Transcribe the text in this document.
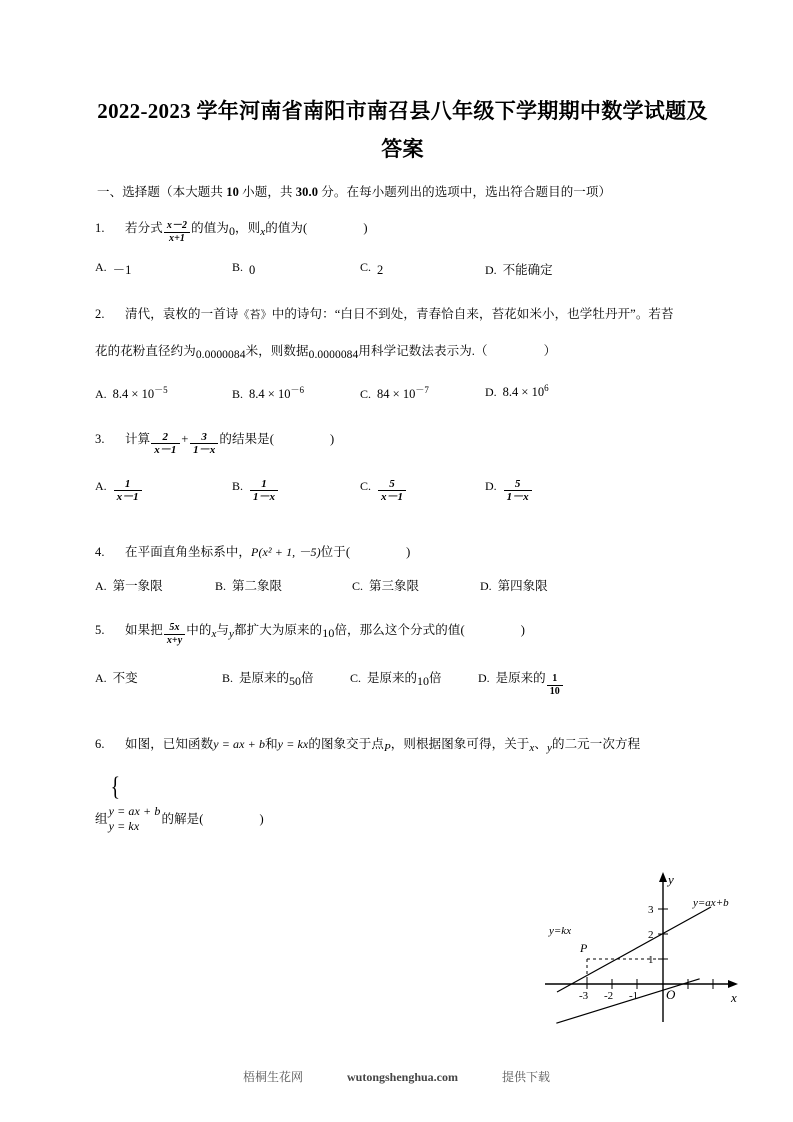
2022-2023 学年河南省南阳市南召县八年级下学期期中数学试题及答案
一、选择题（本大题共 10 小题，共 30.0 分。在每小题列出的选项中，选出符合题目的一项）
1. 若分式 $\frac{x-2}{x+1}$ 的值为0，则x的值为(	)
A. －1	B. 0	C. 2	D. 不能确定
2. 清代，袁枚的一首诗《苔》中的诗句：“白日不到处，青春恰自来，苔花如米小，也学牡丹开”。若苔
花的花粉直径约为0.0000084米，则数据0.0000084用科学记数法表示为.（	）
A. $8.4 \times 10^{-5}$	B. $8.4 \times 10^{-6}$	C. $84 \times 10^{-7}$	D. $8.4 \times 10^6$
3. 计算 $\frac{2}{x-1} + \frac{3}{1-x}$ 的结果是(	)
A. $\frac{1}{x-1}$	B. $\frac{1}{1-x}$	C. $\frac{5}{x-1}$	D. $\frac{5}{1-x}$
4. 在平面直角坐标系中，P(x² + 1, －5)位于(	)
A. 第一象限	B. 第二象限	C. 第三象限	D. 第四象限
5. 如果把 $\frac{5x}{x+y}$ 中的x与y都扩大为原来的10倍，那么这个分式的值(	)
A. 不变	B. 是原来的50倍	C. 是原来的10倍	D. 是原来的 $\frac{1}{10}$
6. 如图，已知函数y = ax + b和y = kx的图象交于点P，则根据图象可得，关于x、y的二元一次方程
组
{
y = ax + b
y = kx	的解是(	)
y
x
O
-3 -2 -1
1
2
3
P
y=ax+b
y=kx
梧桐生花网	wutongshenghua.com	提供下载
